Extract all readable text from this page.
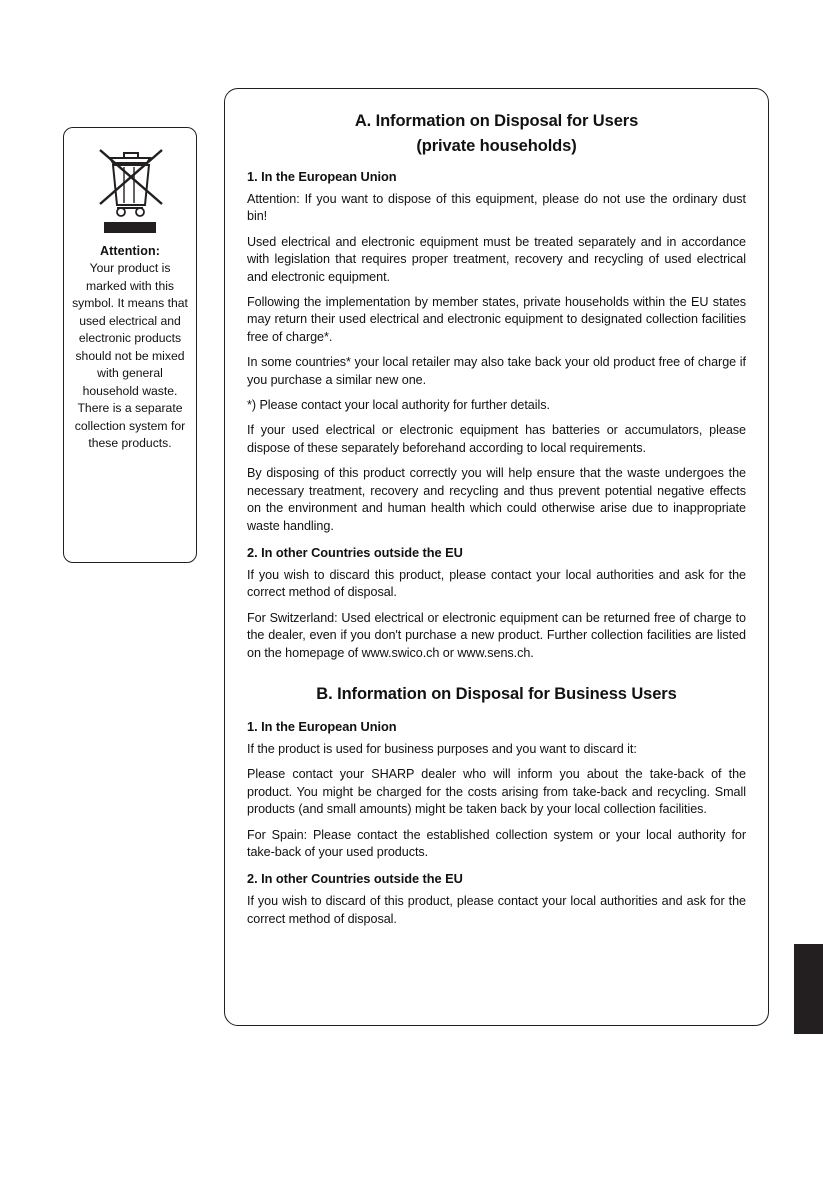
Attention:
Your product is marked with this symbol. It means that used electrical and electronic products should not be mixed with general household waste. There is a separate collection system for these products.
A. Information on Disposal for Users
(private households)
1. In the European Union

Attention: If you want to dispose of this equipment, please do not use the ordinary dust bin!

Used electrical and electronic equipment must be treated separately and in accordance with legislation that requires proper treatment, recovery and recycling of used electrical and electronic equipment.

Following the implementation by member states, private households within the EU states may return their used electrical and electronic equipment to designated collection facilities free of charge*.

In some countries* your local retailer may also take back your old product free of charge if you purchase a similar new one.

*) Please contact your local authority for further details.

If your used electrical or electronic equipment has batteries or accumulators, please dispose of these separately beforehand according to local requirements.

By disposing of this product correctly you will help ensure that the waste undergoes the necessary treatment, recovery and recycling and thus prevent potential negative effects on the environment and human health which could otherwise arise due to inappropriate waste handling.

2. In other Countries outside the EU

If you wish to discard this product, please contact your local authorities and ask for the correct method of disposal.

For Switzerland: Used electrical or electronic equipment can be returned free of charge to the dealer, even if you don't purchase a new product. Further collection facilities are listed on the homepage of www.swico.ch or www.sens.ch.

B. Information on Disposal for Business Users
1. In the European Union

If the product is used for business purposes and you want to discard it:

Please contact your SHARP dealer who will inform you about the take-back of the product. You might be charged for the costs arising from take-back and recycling. Small products (and small amounts) might be taken back by your local collection facilities.

For Spain: Please contact the established collection system or your local authority for take-back of your used products.

2. In other Countries outside the EU

If you wish to discard of this product, please contact your local authorities and ask for the correct method of disposal.
